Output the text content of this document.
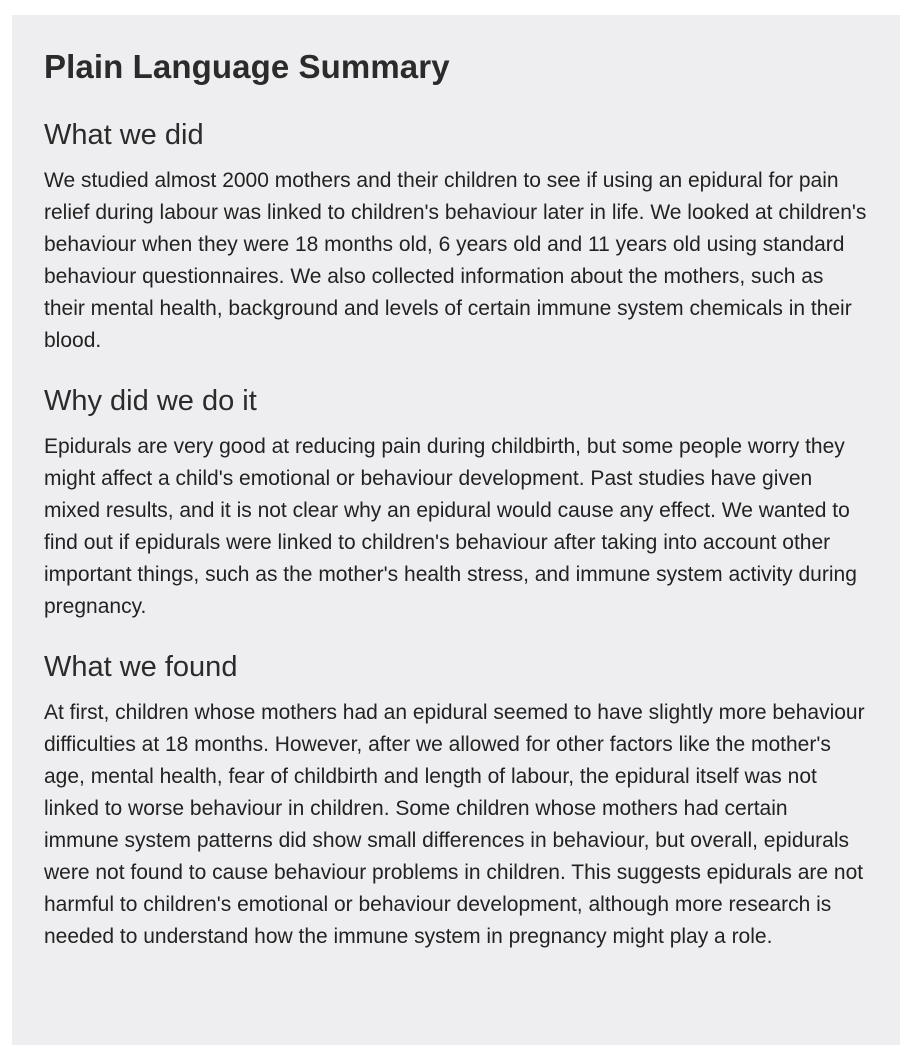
Plain Language Summary
What we did

We studied almost 2000 mothers and their children to see if using an epidural for pain relief during labour was linked to children's behaviour later in life. We looked at children's behaviour when they were 18 months old, 6 years old and 11 years old using standard behaviour questionnaires. We also collected information about the mothers, such as their mental health, background and levels of certain immune system chemicals in their blood.

Why did we do it

Epidurals are very good at reducing pain during childbirth, but some people worry they might affect a child's emotional or behaviour development. Past studies have given mixed results, and it is not clear why an epidural would cause any effect. We wanted to find out if epidurals were linked to children's behaviour after taking into account other important things, such as the mother's health stress, and immune system activity during pregnancy.

What we found

At first, children whose mothers had an epidural seemed to have slightly more behaviour difficulties at 18 months. However, after we allowed for other factors like the mother's age, mental health, fear of childbirth and length of labour, the epidural itself was not linked to worse behaviour in children. Some children whose mothers had certain immune system patterns did show small differences in behaviour, but overall, epidurals were not found to cause behaviour problems in children. This suggests epidurals are not harmful to children's emotional or behaviour development, although more research is needed to understand how the immune system in pregnancy might play a role.
